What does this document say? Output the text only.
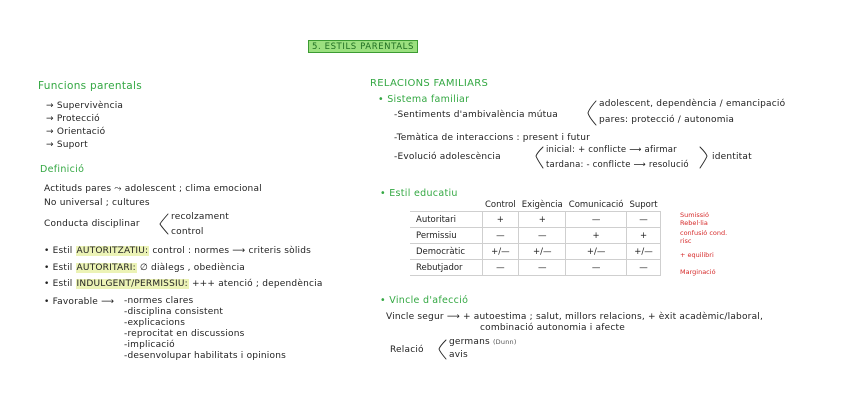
5. ESTILS PARENTALS
Funcions parentals
→ Supervivència
→ Protecció
→ Orientació
→ Suport
Definició
Actituds pares ⤳ adolescent ; clima emocional
No universal ; cultures
Conducta disciplinar
recolzament
control
• Estil AUTORITZATIU: control : normes ⟶ criteris sòlids
• Estil AUTORITARI: ∅ diàlegs , obediència
• Estil INDULGENT/PERMISSIU: +++ atenció ; dependència
• Favorable ⟶ -normes clares
-disciplina consistent
-explicacions
-reprocitat en discussions
-implicació
-desenvolupar habilitats i opinions
RELACIONS FAMILIARS
• Sistema familiar
-Sentiments d'ambivalència mútua
adolescent, dependència / emancipació
pares: protecció / autonomia
-Temàtica de interaccions : present i futur
-Evolució adolescència
inicial: + conflicte ⟶ afirmar
tardana: - conflicte ⟶ resolució
identitat
• Estil educatiu
	Control	Exigència	Comunicació	Suport
Autoritari	+	+	—	—
Permissiu	—	—	+	+
Democràtic	+/—	+/—	+/—	+/—
Rebutjador	—	—	—	—
Sumissió Rebel·lia
confusió cond. risc
+ equilibri
Marginació
• Vincle d'afecció
Vincle segur ⟶ + autoestima ; salut, millors relacions, + èxit acadèmic/laboral,
combinació autonomia i afecte
Relació
germans (Dunn)
avis
